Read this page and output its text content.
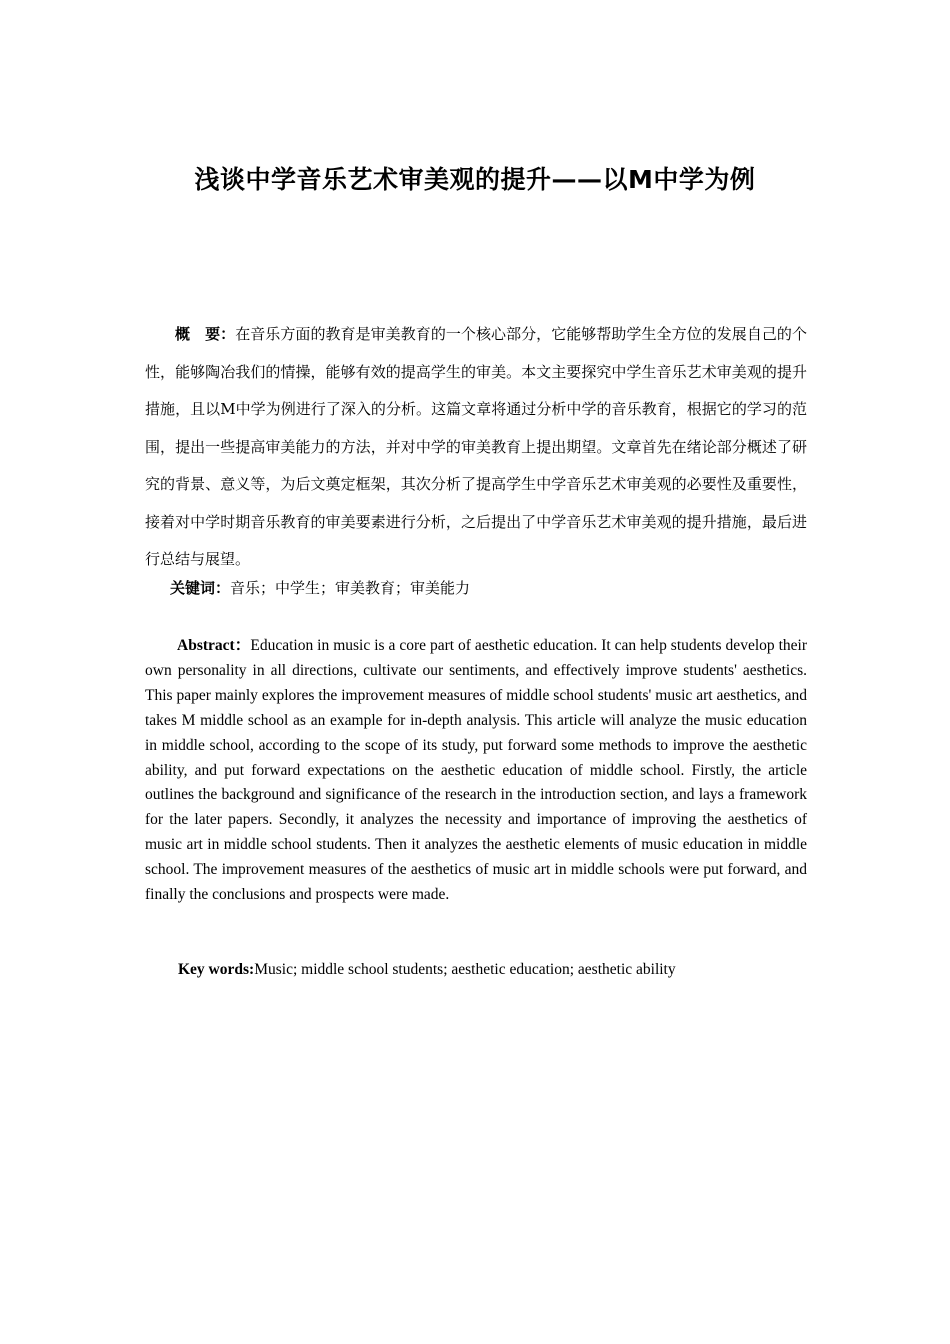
浅谈中学音乐艺术审美观的提升——以M中学为例
概　要：在音乐方面的教育是审美教育的一个核心部分，它能够帮助学生全方位的发展自己的个性，能够陶冶我们的情操，能够有效的提高学生的审美。本文主要探究中学生音乐艺术审美观的提升措施，且以M中学为例进行了深入的分析。这篇文章将通过分析中学的音乐教育，根据它的学习的范围，提出一些提高审美能力的方法，并对中学的审美教育上提出期望。文章首先在绪论部分概述了研究的背景、意义等，为后文奠定框架，其次分析了提高学生中学音乐艺术审美观的必要性及重要性，接着对中学时期音乐教育的审美要素进行分析，之后提出了中学音乐艺术审美观的提升措施，最后进行总结与展望。
关键词：音乐；中学生；审美教育；审美能力
Abstract：Education in music is a core part of aesthetic education. It can help students develop their own personality in all directions, cultivate our sentiments, and effectively improve students' aesthetics. This paper mainly explores the improvement measures of middle school students' music art aesthetics, and takes M middle school as an example for in-depth analysis. This article will analyze the music education in middle school, according to the scope of its study, put forward some methods to improve the aesthetic ability, and put forward expectations on the aesthetic education of middle school. Firstly, the article outlines the background and significance of the research in the introduction section, and lays a framework for the later papers. Secondly, it analyzes the necessity and importance of improving the aesthetics of music art in middle school students. Then it analyzes the aesthetic elements of music education in middle school. The improvement measures of the aesthetics of music art in middle schools were put forward, and finally the conclusions and prospects were made.
Key words:Music; middle school students; aesthetic education; aesthetic ability
